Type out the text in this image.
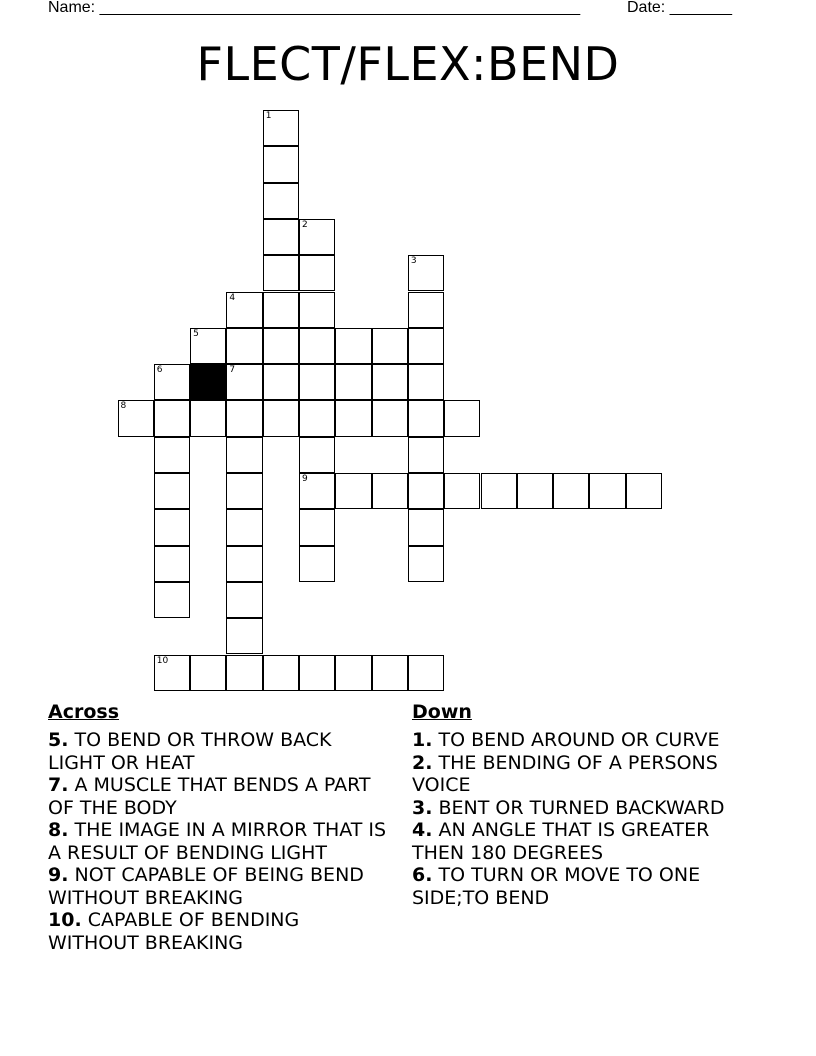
Name: ______________________________________________________	Date: _______
FLECT/FLEX:BEND
1
2
3
4
5
6	7
8
9
10
Across
5. TO BEND OR THROW BACK LIGHT OR HEAT
7. A MUSCLE THAT BENDS A PART OF THE BODY
8. THE IMAGE IN A MIRROR THAT IS A RESULT OF BENDING LIGHT
9. NOT CAPABLE OF BEING BEND WITHOUT BREAKING
10. CAPABLE OF BENDING WITHOUT BREAKING
Down
1. TO BEND AROUND OR CURVE
2. THE BENDING OF A PERSONS VOICE
3. BENT OR TURNED BACKWARD
4. AN ANGLE THAT IS GREATER THEN 180 DEGREES
6. TO TURN OR MOVE TO ONE SIDE;TO BEND
